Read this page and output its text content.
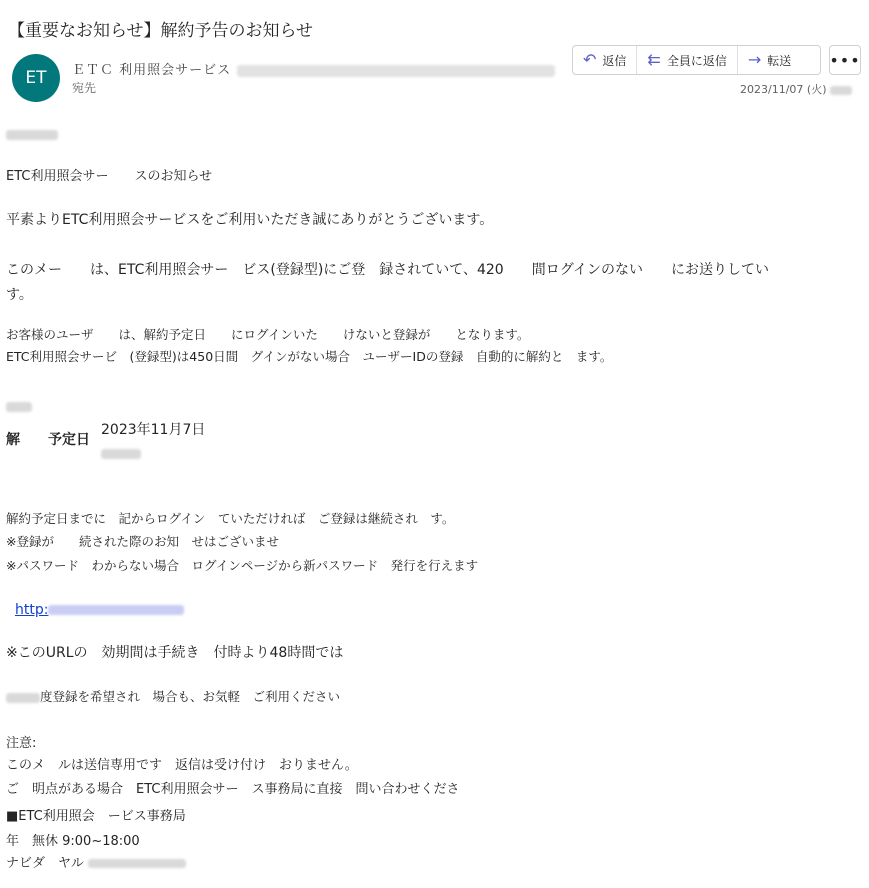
【重要なお知らせ】解約予告のお知らせ
ET ＥＴＣ 利用照会サービス
宛先
↶ 返信 ⇇ 全員に返信 → 転送 •••
2023/11/07 (火)
ETC利用照会サー　　スのお知らせ
平素よりETC利用照会サービスをご利用いただき誠にありがとうございます。
このメー　　は、ETC利用照会サー　ビス(登録型)にご登　録されていて、420　　間ログインのない　　にお送りしてい
す。
お客様のユーザ　　は、解約予定日　　にログインいた　　けないと登録が　　となります。
ETC利用照会サービ　(登録型)は450日間　グインがない場合　ユーザーIDの登録　自動的に解約と　ます。
解　　予定日
2023年11月7日
解約予定日までに　記からログイン　ていただければ　ご登録は継続され　す。
※登録が　　続された際のお知　せはございませ
※パスワード　わからない場合　ログインページから新パスワード　発行を行えます
http:
※このURLの　効期間は手続き　付時より48時間では
度登録を希望され　場合も、お気軽　ご利用ください
注意:
このメ　ルは送信専用です　返信は受け付け　おりません。
ご　明点がある場合　ETC利用照会サー　ス事務局に直接　問い合わせくださ
■ETC利用照会　ービス事務局
年　無休 9:00~18:00
ナビダ　ヤル
